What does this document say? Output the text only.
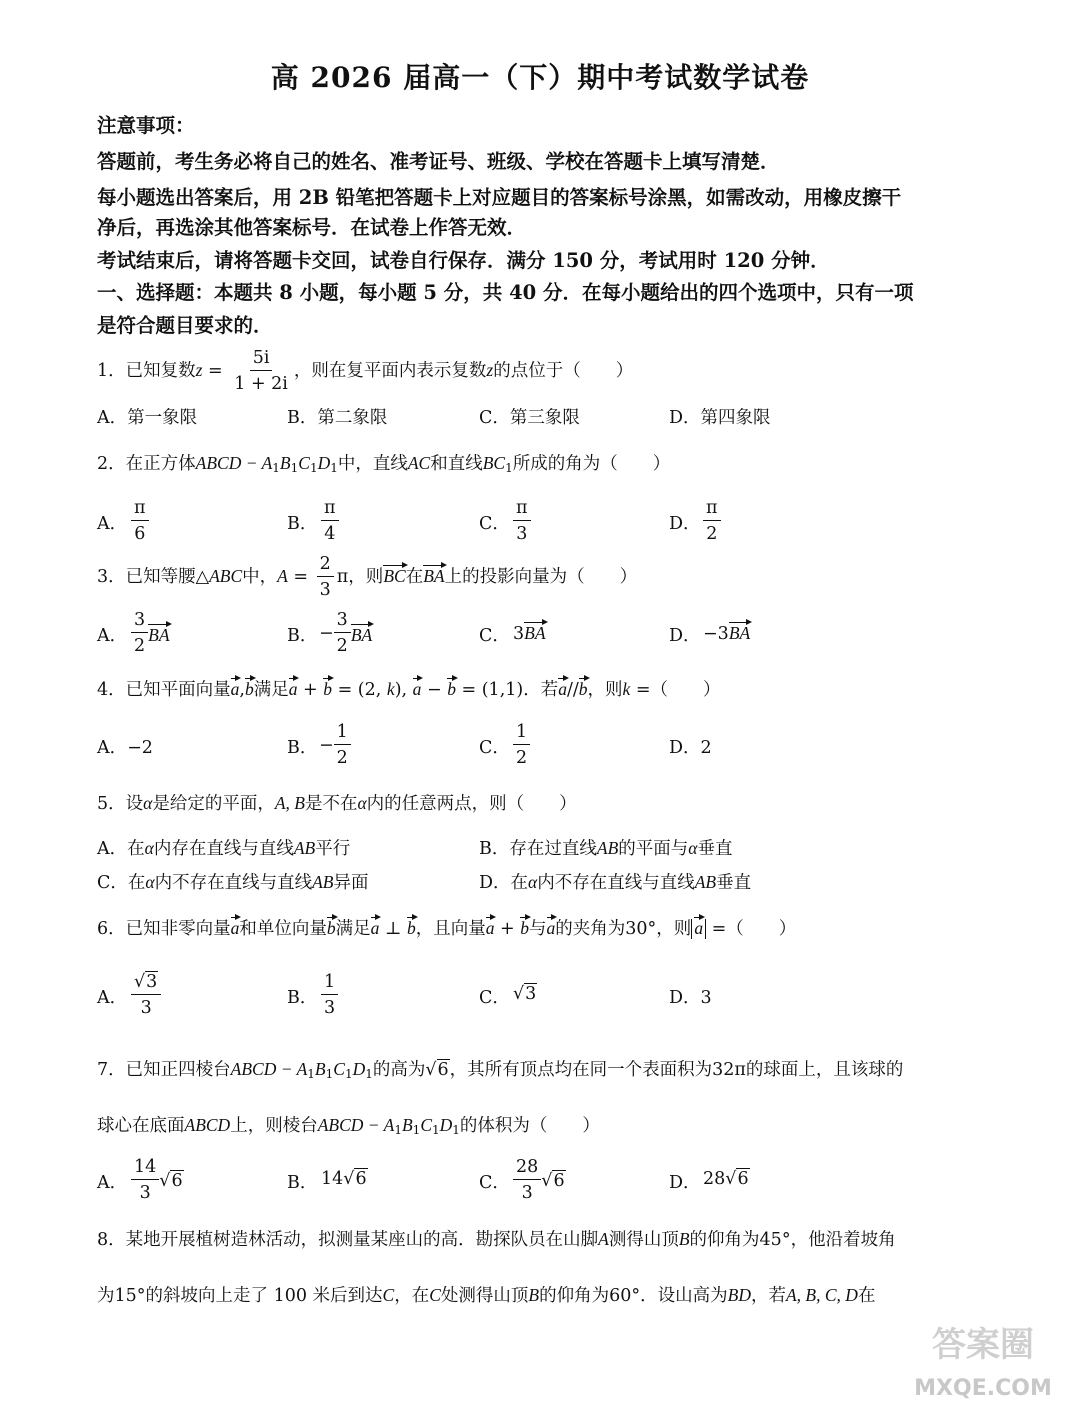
高 2026 届高一（下）期中考试数学试卷
注意事项：
答题前，考生务必将自己的姓名、准考证号、班级、学校在答题卡上填写清楚．
每小题选出答案后，用 2B 铅笔把答题卡上对应题目的答案标号涂黑，如需改动，用橡皮擦干
净后，再选涂其他答案标号．在试卷上作答无效．
考试结束后，请将答题卡交回，试卷自行保存．满分 150 分，考试用时 120 分钟．
一、选择题：本题共 8 小题，每小题 5 分，共 40 分．在每小题给出的四个选项中，只有一项
是符合题目要求的．
1．已知复数$z = \frac{5i}{1 + 2i}$ ，则在复平面内表示复数z的点位于（　　）
A．第一象限	B．第二象限	C．第三象限	D．第四象限
2．在正方体ABCD − $A_1B_1C_1D_1$中，直线AC和直线$BC_1$所成的角为（　　）
A． $\frac{\pi}{6}$	B． $\frac{\pi}{4}$	C． $\frac{\pi}{3}$	D． $\frac{\pi}{2}$
3．已知等腰△ABC中，$A = \frac{2}{3}$ π，则BC在BA上的投影向量为（　　）
A． $\frac{3}{2}$ BA	B． − $\frac{3}{2}$ BA	C． 3BA	D． −3BA
4．已知平面向量a,b满足a + b = (2, k), a − b = (1,1)．若a//b，则k =（　　）
A．−2	B． − $\frac{1}{2}$	C． $\frac{1}{2}$	D．2
5．设α是给定的平面，A, B是不在α内的任意两点，则（　　）
A．在α内存在直线与直线AB平行	B．存在过直线AB的平面与α垂直
C．在α内不存在直线与直线AB异面	D．在α内不存在直线与直线AB垂直
6．已知非零向量a和单位向量b满足a ⊥ b，且向量a + b与a的夹角为30°，则 a =（　　）
A． $\frac{√3}{3}$	B． $\frac{1}{3}$	C． √3	D．3
7．已知正四棱台ABCD − $A_1B_1C_1D_1$的高为√6，其所有顶点均在同一个表面积为32π的球面上，且该球的
球心在底面ABCD上，则棱台ABCD − $A_1B_1C_1D_1$的体积为（　　）
A． $\frac{14}{3} √6$	B． 14√6	C． $\frac{28}{3} √6$	D． 28√6
8．某地开展植树造林活动，拟测量某座山的高．勘探队员在山脚A测得山顶B的仰角为45°，他沿着坡角
为15°的斜坡向上走了 100 米后到达C，在C处测得山顶B的仰角为60°．设山高为BD，若A, B, C, D在
答案圈
MXQE.COM
